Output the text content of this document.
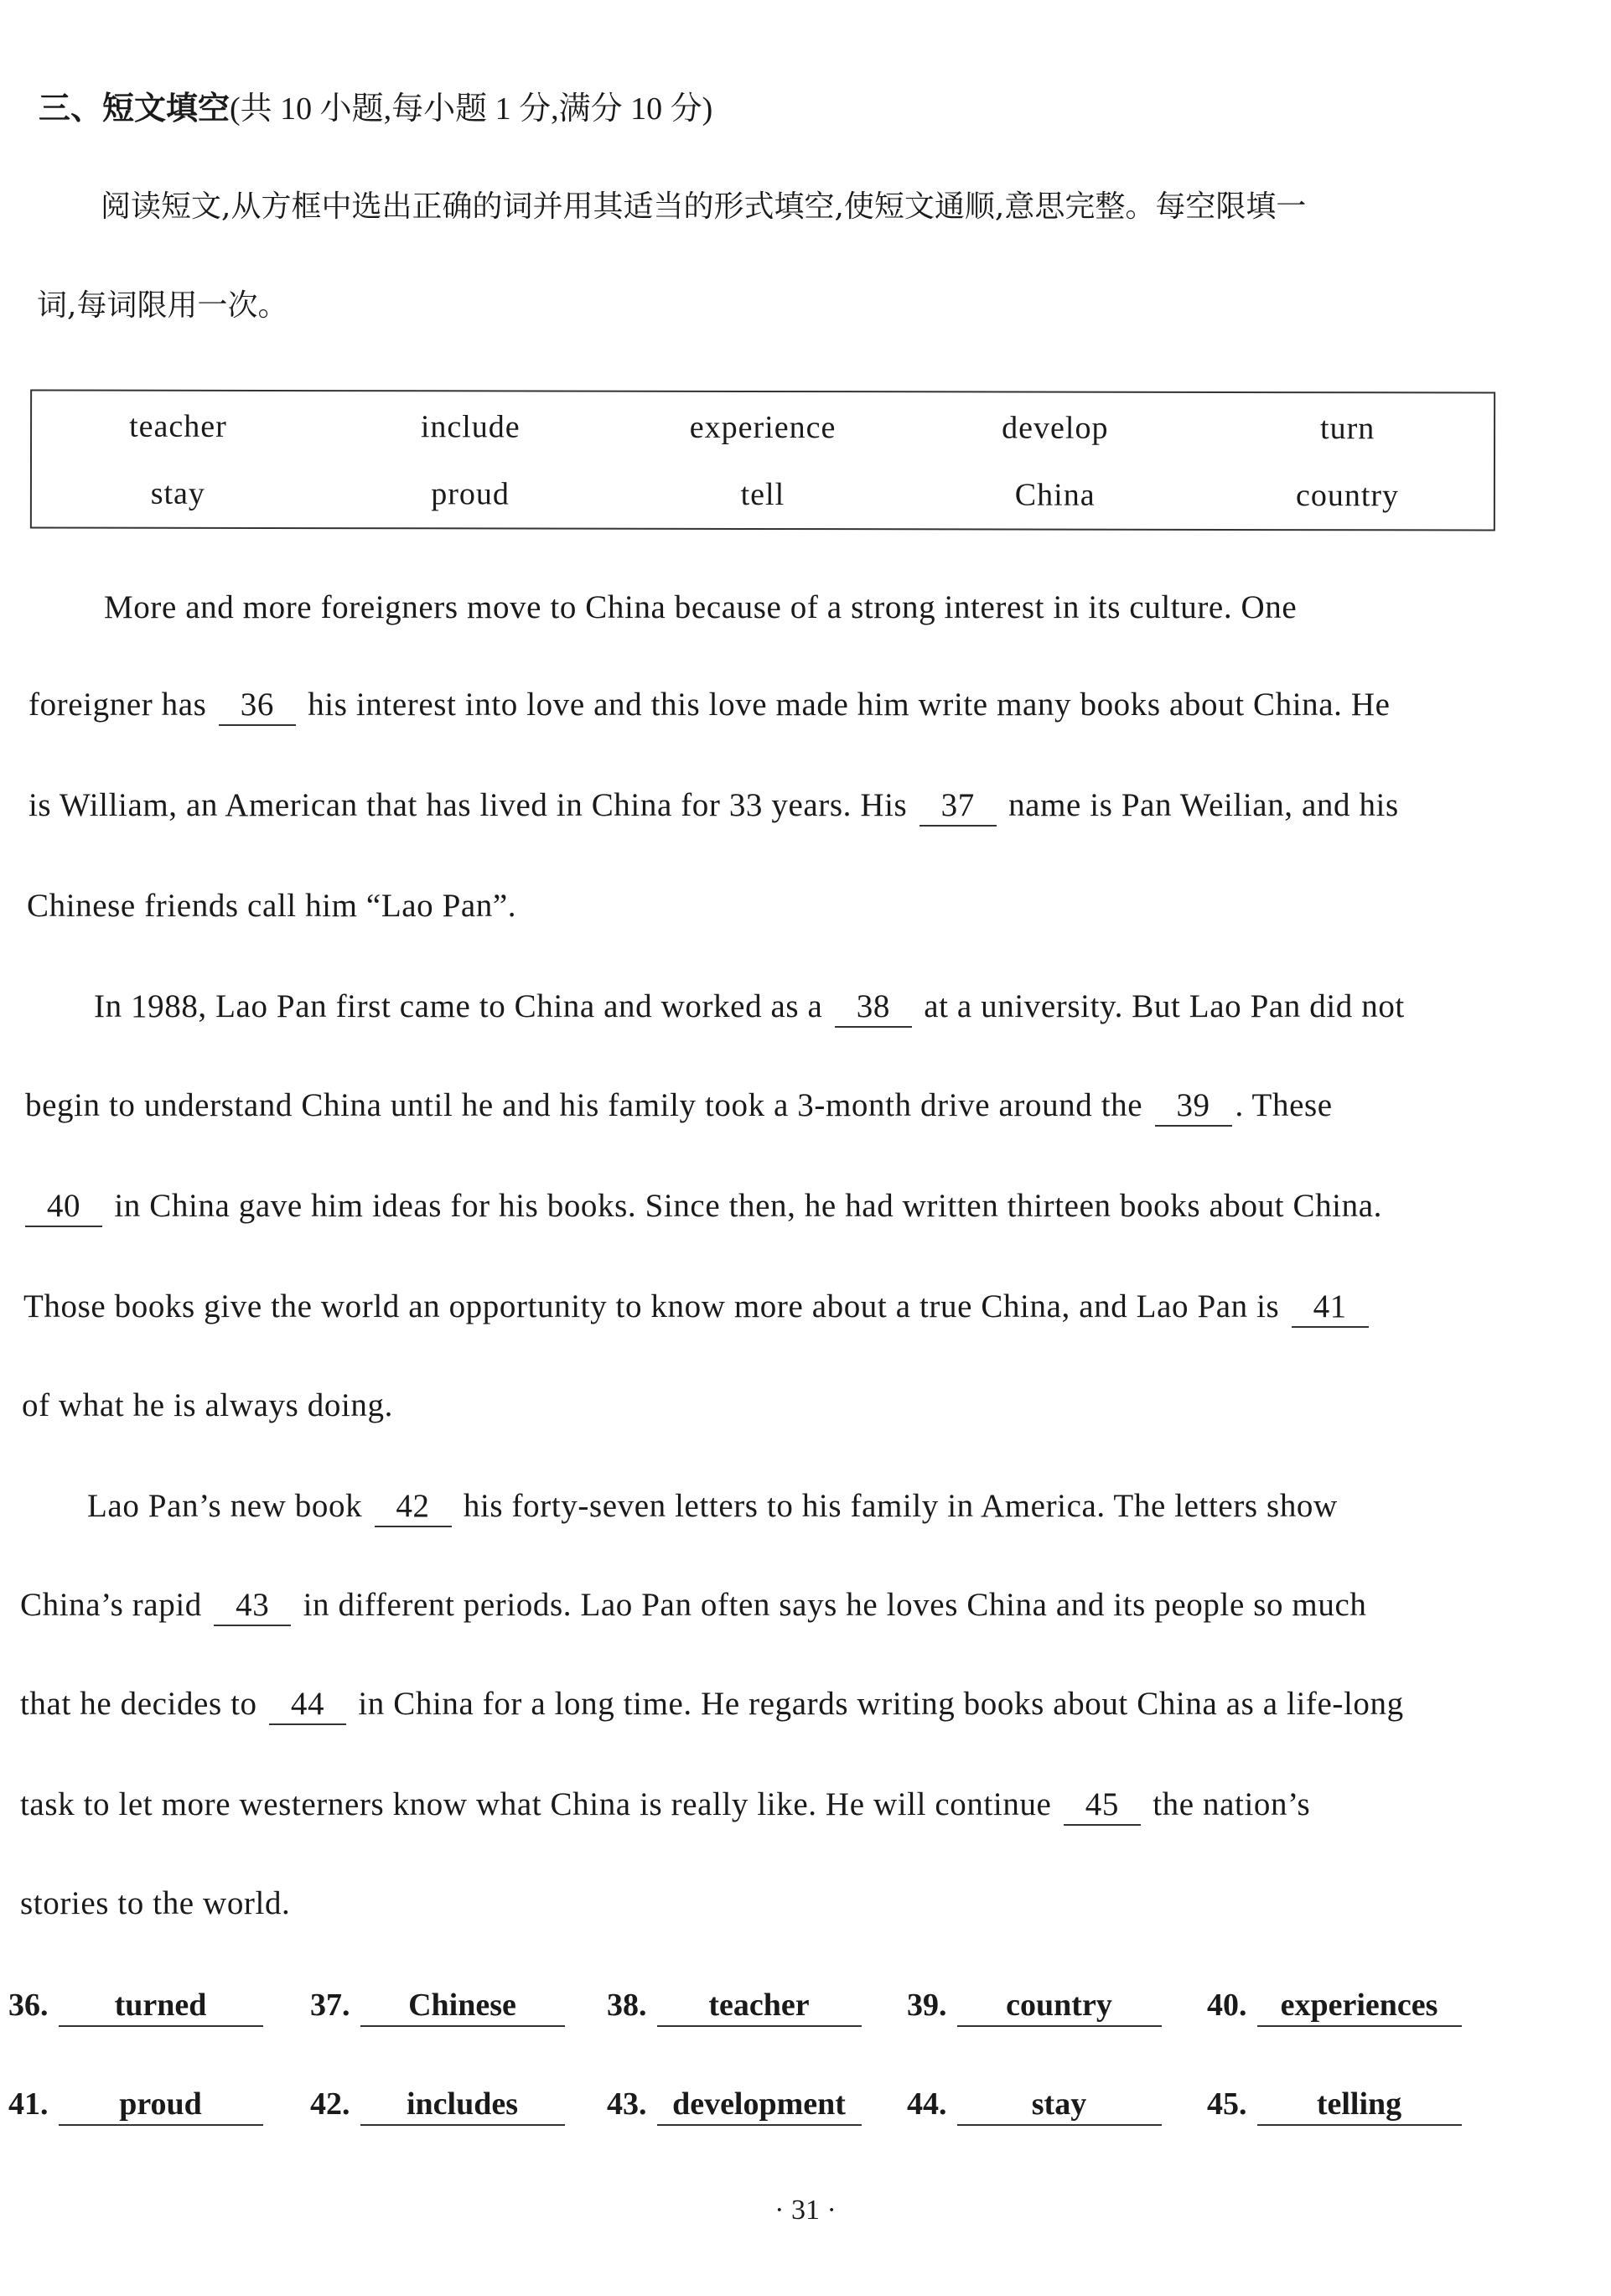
三、短文填空(共 10 小题,每小题 1 分,满分 10 分)
阅读短文,从方框中选出正确的词并用其适当的形式填空,使短文通顺,意思完整。每空限填一
词,每词限用一次。
teacher	include	experience	develop	turn
stay	proud	tell	China	country
More and more foreigners move to China because of a strong interest in its culture. One
foreigner has 36 his interest into love and this love made him write many books about China. He
is William, an American that has lived in China for 33 years. His 37 name is Pan Weilian, and his
Chinese friends call him “Lao Pan”.
In 1988, Lao Pan first came to China and worked as a 38 at a university. But Lao Pan did not
begin to understand China until he and his family took a 3-month drive around the 39 . These
40 in China gave him ideas for his books. Since then, he had written thirteen books about China.
Those books give the world an opportunity to know more about a true China, and Lao Pan is 41
of what he is always doing.
Lao Pan’s new book 42 his forty-seven letters to his family in America. The letters show
China’s rapid 43 in different periods. Lao Pan often says he loves China and its people so much
that he decides to 44 in China for a long time. He regards writing books about China as a life-long
task to let more westerners know what China is really like. He will continue 45 the nation’s
stories to the world.
36. turned	37. Chinese	38. teacher	39. country	40. experiences
41. proud	42. includes	43. development	44.	stay	45. telling
· 31 ·
